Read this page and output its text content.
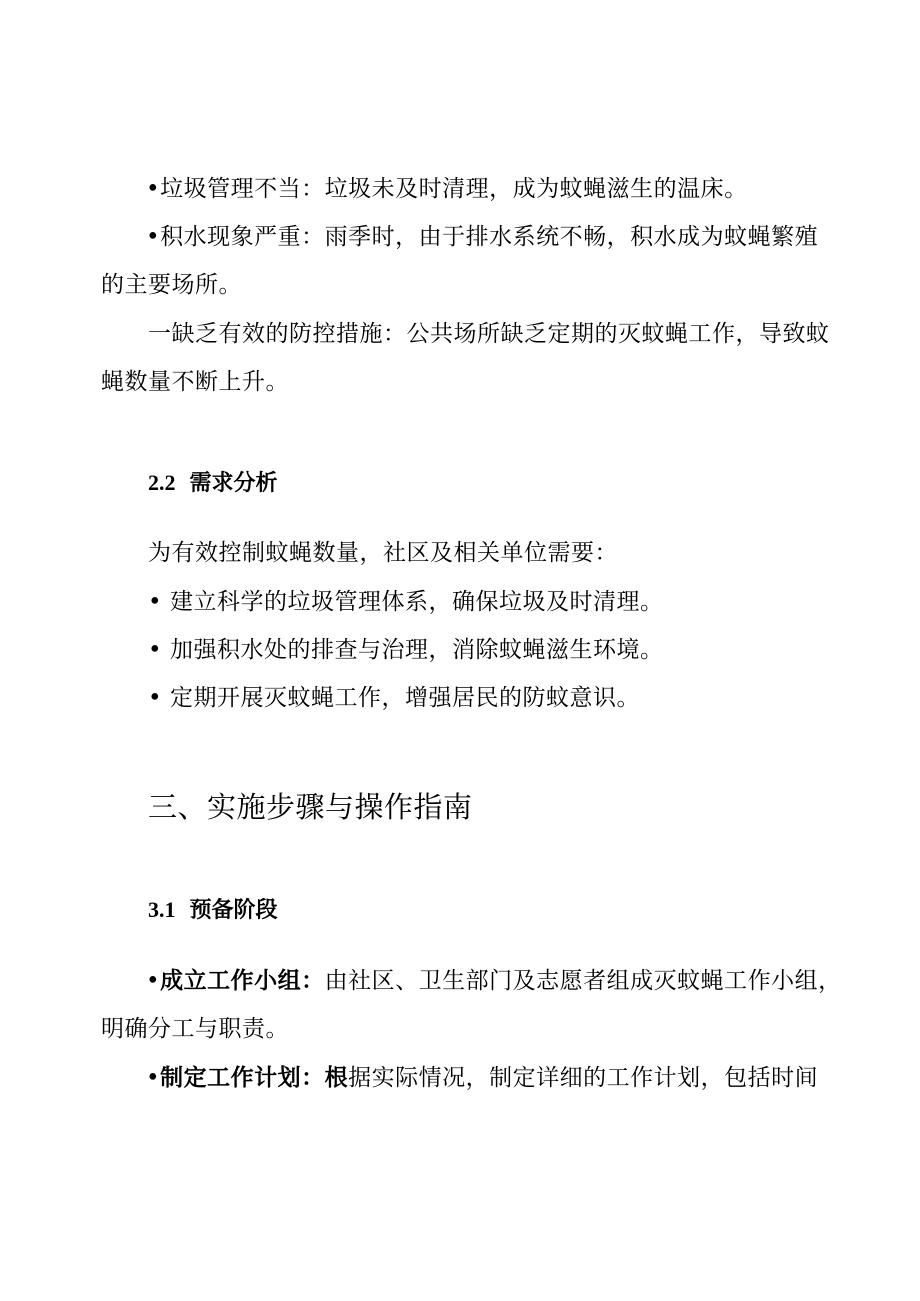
•垃圾管理不当：垃圾未及时清理，成为蚊蝇滋生的温床。
•积水现象严重：雨季时，由于排水系统不畅，积水成为蚊蝇繁殖
的主要场所。
一缺乏有效的防控措施：公共场所缺乏定期的灭蚊蝇工作，导致蚊
蝇数量不断上升。
2.2 需求分析
为有效控制蚊蝇数量，社区及相关单位需要：
• 建立科学的垃圾管理体系，确保垃圾及时清理。
• 加强积水处的排查与治理，消除蚊蝇滋生环境。
• 定期开展灭蚊蝇工作，增强居民的防蚊意识。
三、实施步骤与操作指南
3.1 预备阶段
•成立工作小组：由社区、卫生部门及志愿者组成灭蚊蝇工作小组，
明确分工与职责。
•制定工作计划：根据实际情况，制定详细的工作计划，包括时间
